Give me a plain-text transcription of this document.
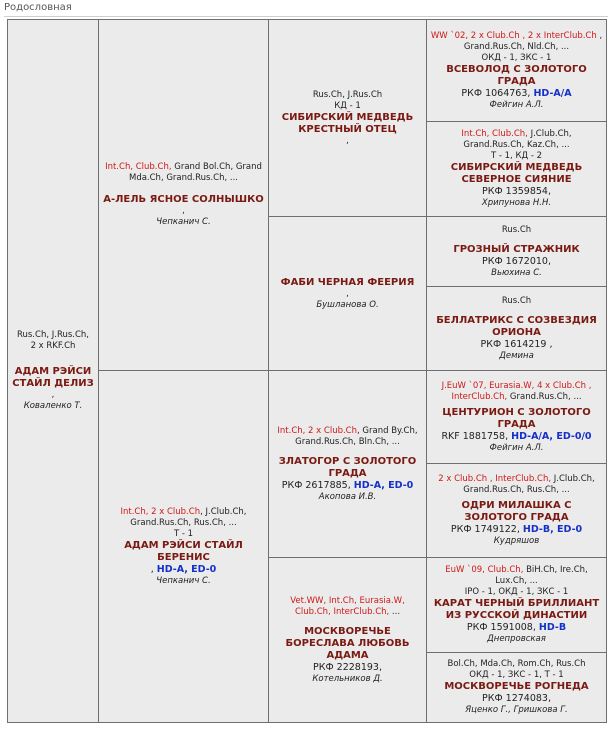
Родословная
Rus.Ch, J.Rus.Ch,
2 x RKF.Ch
АДАМ РЭЙСИ СТАЙЛ ДЕЛИЗ
,
Коваленко Т.
Int.Ch, Club.Ch, Grand Bol.Ch, Grand Mda.Ch, Grand.Rus.Ch, ...
А-ЛЕЛЬ ЯСНОЕ СОЛНЫШКО
,
Чепканич С.
Int.Ch, 2 x Club.Ch, J.Club.Ch, Grand.Rus.Ch, Rus.Ch, ...
Т - 1
АДАМ РЭЙСИ СТАЙЛ БЕРЕНИС
, HD-A, ED-0
Чепканич С.
Rus.Ch, J.Rus.Ch
КД - 1
СИБИРСКИЙ МЕДВЕДЬ КРЕСТНЫЙ ОТЕЦ
,
ФАБИ ЧЕРНАЯ ФЕЕРИЯ
,
Бушланова О.
Int.Ch, 2 x Club.Ch, Grand By.Ch, Grand.Rus.Ch, Bln.Ch, ...
ЗЛАТОГОР С ЗОЛОТОГО ГРАДА
РКФ 2617885, HD-A, ED-0
Акопова И.В.
Vet.WW, Int.Ch, Eurasia.W, Club.Ch, InterClub.Ch, ...
МОСКВОРЕЧЬЕ БОРЕСЛАВА ЛЮБОВЬ АДАМА
РКФ 2228193,
Котельников Д.
WW `02, 2 x Club.Ch , 2 x InterClub.Ch , Grand.Rus.Ch, Nld.Ch, ...
ОКД - 1, ЗКС - 1
ВСЕВОЛОД С ЗОЛОТОГО ГРАДА
РКФ 1064763, HD-A/A
Фейгин А.Л.
Int.Ch, Club.Ch, J.Club.Ch, Grand.Rus.Ch, Kaz.Ch, ...
Т - 1, КД - 2
СИБИРСКИЙ МЕДВЕДЬ СЕВЕРНОЕ СИЯНИЕ
РКФ 1359854,
Хрипунова Н.Н.
Rus.Ch
ГРОЗНЫЙ СТРАЖНИК
РКФ 1672010,
Вьюхина С.
Rus.Ch
БЕЛЛАТРИКС С СОЗВЕЗДИЯ ОРИОНА
РКФ 1614219 ,
Демина
J.EuW `07, Eurasia.W, 4 x Club.Ch , InterClub.Ch, Grand.Rus.Ch, ...
ЦЕНТУРИОН С ЗОЛОТОГО ГРАДА
RKF 1881758, HD-A/A, ED-0/0
Фейгин А.Л.
2 x Club.Ch , InterClub.Ch, J.Club.Ch, Grand.Rus.Ch, Rus.Ch, ...
ОДРИ МИЛАШКА С ЗОЛОТОГО ГРАДА
РКФ 1749122, HD-B, ED-0
Кудряшов
EuW `09, Club.Ch, BiH.Ch, Ire.Ch, Lux.Ch, ...
IPO - 1, ОКД - 1, ЗКС - 1
КАРАТ ЧЕРНЫЙ БРИЛЛИАНТ ИЗ РУССКОЙ ДИНАСТИИ
РКФ 1591008, HD-B
Днепровская
Bol.Ch, Mda.Ch, Rom.Ch, Rus.Ch
ОКД - 1, ЗКС - 1, Т - 1
МОСКВОРЕЧЬЕ РОГНЕДА
РКФ 1274083,
Яценко Г., Гришкова Г.
